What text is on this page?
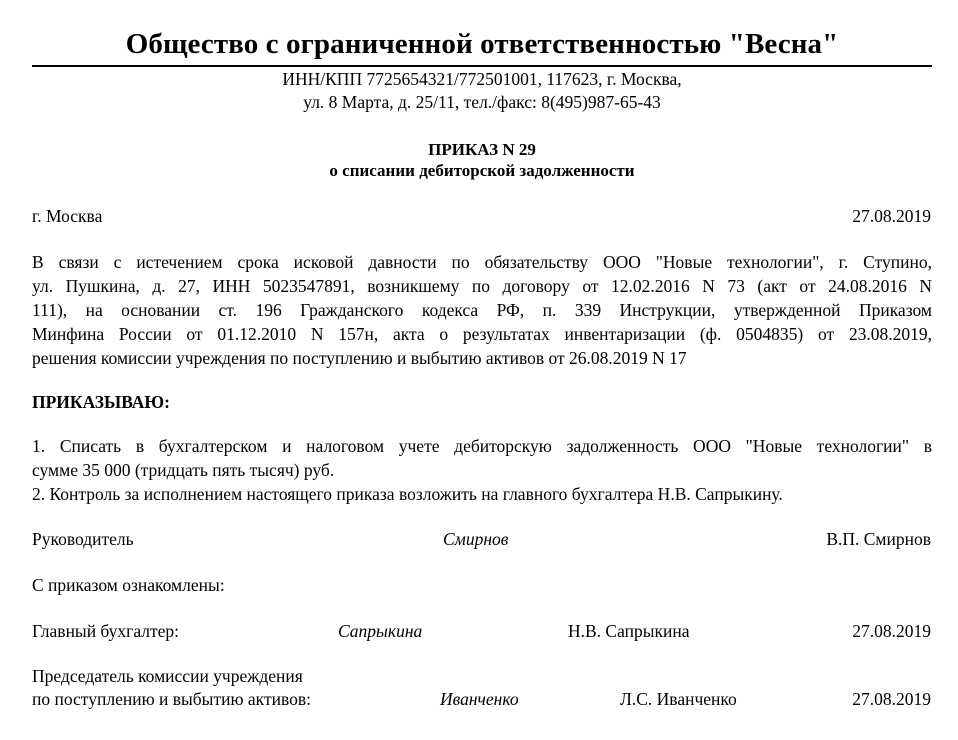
Общество с ограниченной ответственностью "Весна"
ИНН/КПП 7725654321/772501001, 117623, г. Москва,
ул. 8 Марта, д. 25/11, тел./факс: 8(495)987-65-43
ПРИКАЗ N 29
о списании дебиторской задолженности
г. Москва	27.08.2019
В связи с истечением срока исковой давности по обязательству ООО "Новые технологии", г. Ступино,
ул. Пушкина, д. 27, ИНН 5023547891, возникшему по договору от 12.02.2016 N 73 (акт от 24.08.2016 N
111), на основании ст. 196 Гражданского кодекса РФ, п. 339 Инструкции, утвержденной Приказом
Минфина России от 01.12.2010 N 157н, акта о результатах инвентаризации (ф. 0504835) от 23.08.2019,
решения комиссии учреждения по поступлению и выбытию активов от 26.08.2019 N 17
ПРИКАЗЫВАЮ:
1. Списать в бухгалтерском и налоговом учете дебиторскую задолженность ООО "Новые технологии" в
сумме 35 000 (тридцать пять тысяч) руб.
2. Контроль за исполнением настоящего приказа возложить на главного бухгалтера Н.В. Сапрыкину.
Руководитель	Смирнов	В.П. Смирнов
С приказом ознакомлены:
Главный бухгалтер:	Сапрыкина	Н.В. Сапрыкина	27.08.2019
Председатель комиссии учреждения
по поступлению и выбытию активов:	Иванченко	Л.С. Иванченко	27.08.2019
